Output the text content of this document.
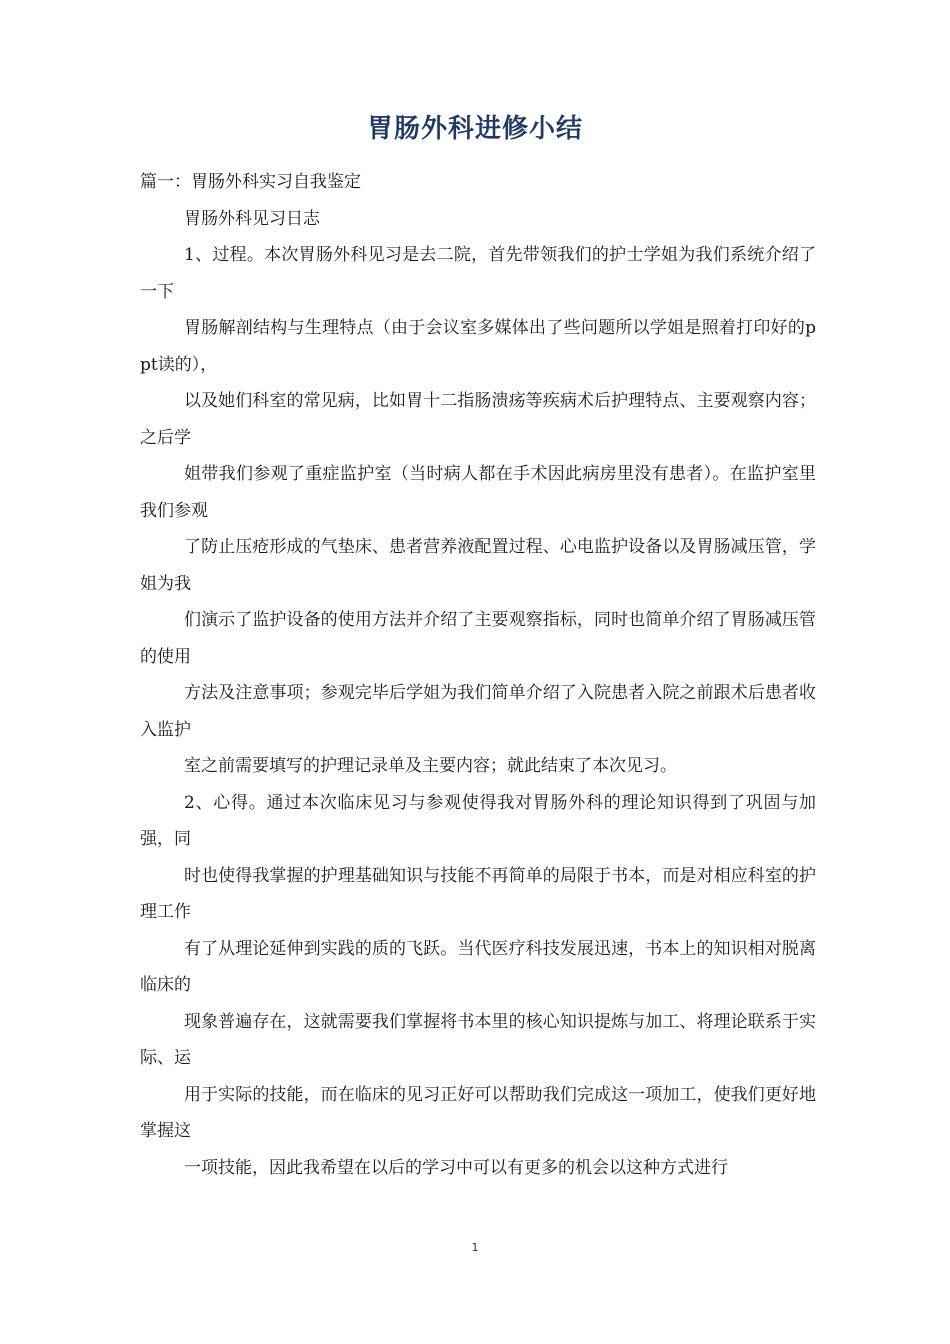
胃肠外科进修小结

篇一：胃肠外科实习自我鉴定

胃肠外科见习日志

1、过程。本次胃肠外科见习是去二院，首先带领我们的护士学姐为我们系统介绍了一下

胃肠解剖结构与生理特点（由于会议室多媒体出了些问题所以学姐是照着打印好的ppt读的），

以及她们科室的常见病，比如胃十二指肠溃疡等疾病术后护理特点、主要观察内容；之后学

姐带我们参观了重症监护室（当时病人都在手术因此病房里没有患者）。在监护室里我们参观

了防止压疮形成的气垫床、患者营养液配置过程、心电监护设备以及胃肠减压管，学姐为我

们演示了监护设备的使用方法并介绍了主要观察指标，同时也简单介绍了胃肠减压管的使用

方法及注意事项；参观完毕后学姐为我们简单介绍了入院患者入院之前跟术后患者收入监护

室之前需要填写的护理记录单及主要内容；就此结束了本次见习。

2、心得。通过本次临床见习与参观使得我对胃肠外科的理论知识得到了巩固与加强，同

时也使得我掌握的护理基础知识与技能不再简单的局限于书本，而是对相应科室的护理工作

有了从理论延伸到实践的质的飞跃。当代医疗科技发展迅速，书本上的知识相对脱离临床的

现象普遍存在，这就需要我们掌握将书本里的核心知识提炼与加工、将理论联系于实际、运

用于实际的技能，而在临床的见习正好可以帮助我们完成这一项加工，使我们更好地掌握这

一项技能，因此我希望在以后的学习中可以有更多的机会以这种方式进行

1
